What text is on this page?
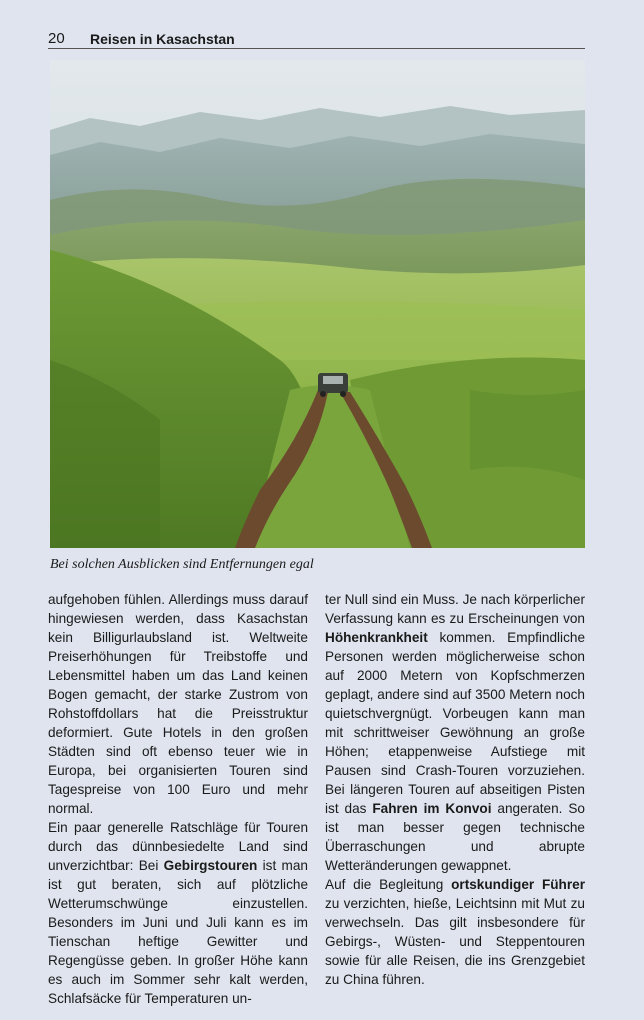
20 Reisen in Kasachstan
Bei solchen Ausblicken sind Entfernungen egal

aufgehoben fühlen. Allerdings muss darauf hingewiesen werden, dass Kasachstan kein Billigurlaubsland ist. Weltweite Preiserhöhungen für Treibstoffe und Lebensmittel haben um das Land keinen Bogen gemacht, der starke Zustrom von Rohstoffdollars hat die Preisstruktur deformiert. Gute Hotels in den großen Städten sind oft ebenso teuer wie in Europa, bei organisierten Touren sind Tagespreise von 100 Euro und mehr normal.

Ein paar generelle Ratschläge für Touren durch das dünnbesiedelte Land sind unverzichtbar: Bei Gebirgstouren ist man ist gut beraten, sich auf plötzliche Wetterumschwünge einzustellen. Besonders im Juni und Juli kann es im Tienschan heftige Gewitter und Regengüsse geben. In großer Höhe kann es auch im Sommer sehr kalt werden, Schlafsäcke für Temperaturen un-

ter Null sind ein Muss. Je nach körperlicher Verfassung kann es zu Erscheinungen von Höhenkrankheit kommen. Empfindliche Personen werden möglicherweise schon auf 2000 Metern von Kopfschmerzen geplagt, andere sind auf 3500 Metern noch quietschvergnügt. Vorbeugen kann man mit schrittweiser Gewöhnung an große Höhen; etappenweise Aufstiege mit Pausen sind Crash-Touren vorzuziehen. Bei längeren Touren auf abseitigen Pisten ist das Fahren im Konvoi angeraten. So ist man besser gegen technische Überraschungen und abrupte Wetteränderungen gewappnet.

Auf die Begleitung ortskundiger Führer zu verzichten, hieße, Leichtsinn mit Mut zu verwechseln. Das gilt insbesondere für Gebirgs-, Wüsten- und Steppentouren sowie für alle Reisen, die ins Grenzgebiet zu China führen.
